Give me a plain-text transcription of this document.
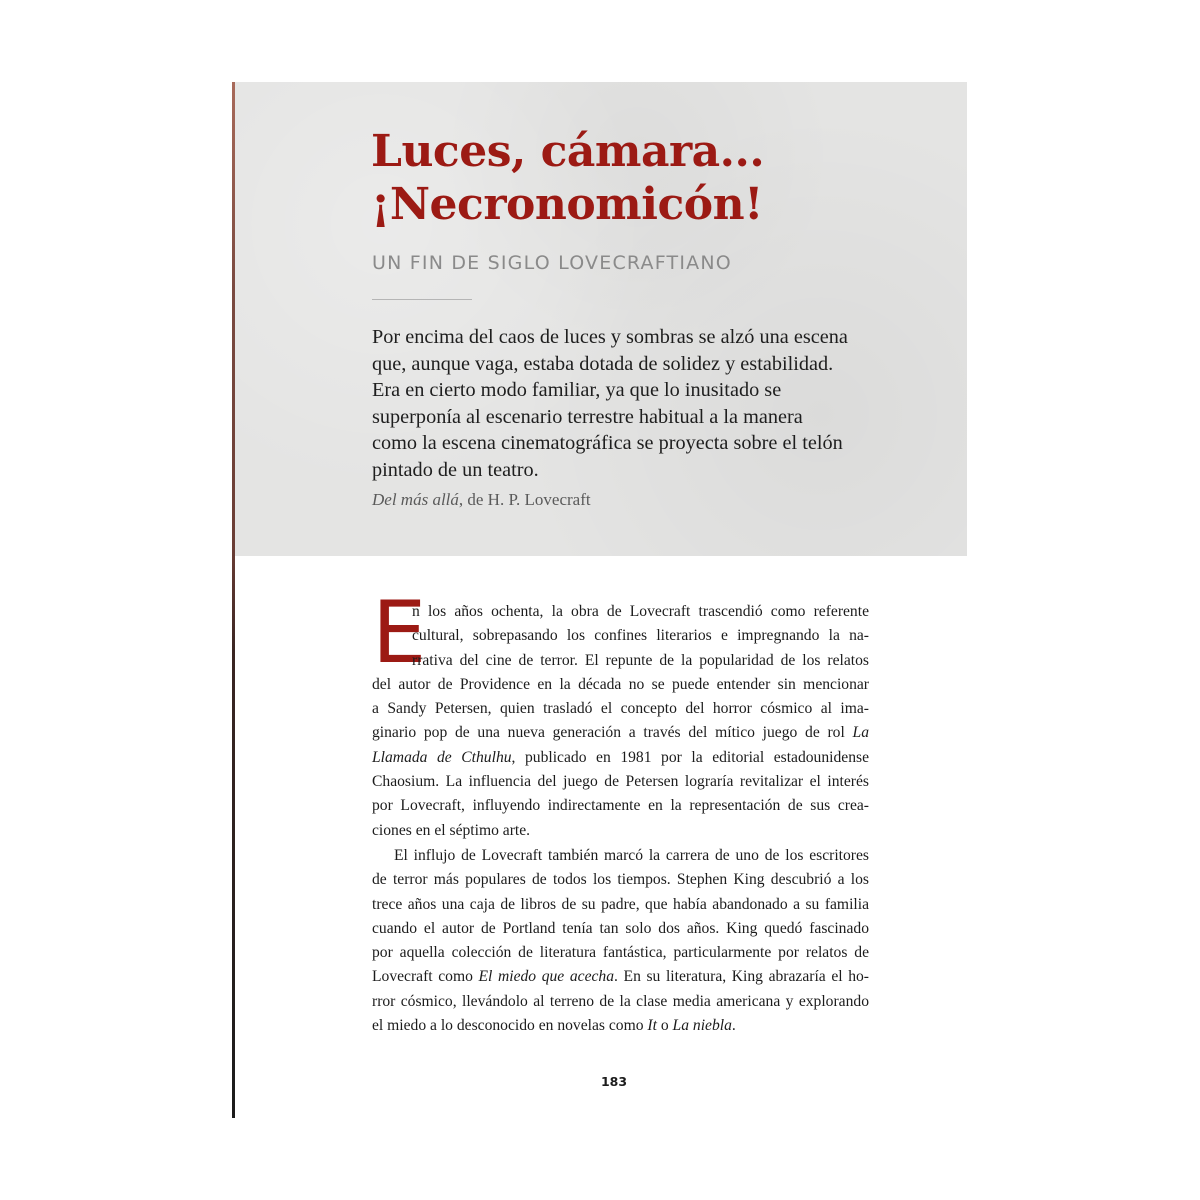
Luces, cámara...
¡Necronomicón!

UN FIN DE SIGLO LOVECRAFTIANO

Por encima del caos de luces y sombras se alzó una escena
que, aunque vaga, estaba dotada de solidez y estabilidad.
Era en cierto modo familiar, ya que lo inusitado se
superponía al escenario terrestre habitual a la manera
como la escena cinematográfica se proyecta sobre el telón
pintado de un teatro.

Del más allá, de H. P. Lovecraft

E

n los años ochenta, la obra de Lovecraft trascendió como referente
cultural, sobrepasando los confines literarios e impregnando la na-
rrativa del cine de terror. El repunte de la popularidad de los relatos
del autor de Providence en la década no se puede entender sin mencionar
a Sandy Petersen, quien trasladó el concepto del horror cósmico al ima-
ginario pop de una nueva generación a través del mítico juego de rol La
Llamada de Cthulhu, publicado en 1981 por la editorial estadounidense
Chaosium. La influencia del juego de Petersen lograría revitalizar el interés
por Lovecraft, influyendo indirectamente en la representación de sus crea-
ciones en el séptimo arte.

El influjo de Lovecraft también marcó la carrera de uno de los escritores
de terror más populares de todos los tiempos. Stephen King descubrió a los
trece años una caja de libros de su padre, que había abandonado a su familia
cuando el autor de Portland tenía tan solo dos años. King quedó fascinado
por aquella colección de literatura fantástica, particularmente por relatos de
Lovecraft como El miedo que acecha. En su literatura, King abrazaría el ho-
rror cósmico, llevándolo al terreno de la clase media americana y explorando
el miedo a lo desconocido en novelas como It o La niebla.

183
